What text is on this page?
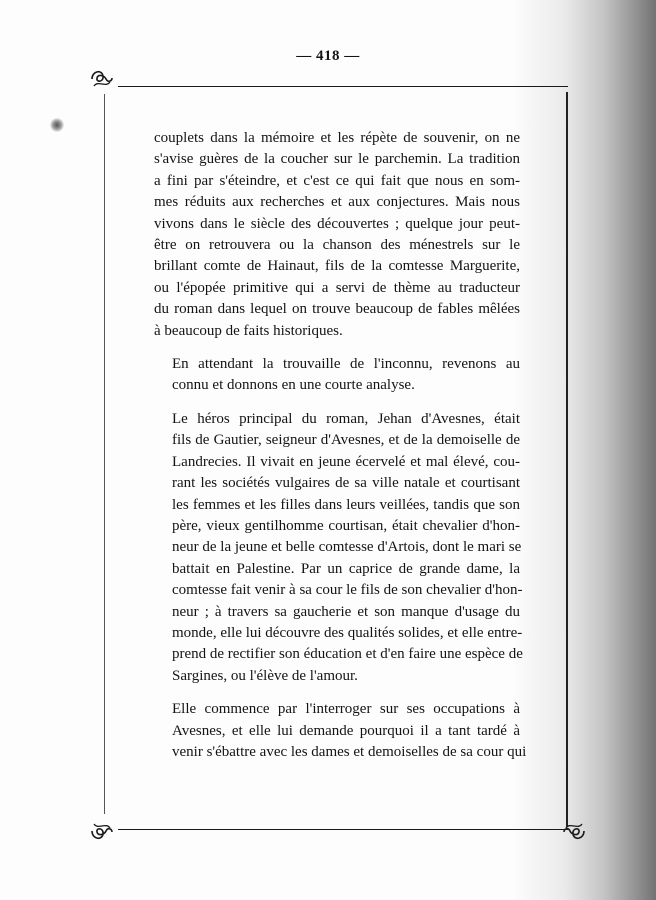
— 418 —

couplets dans la mémoire et les répète de souvenir, on ne
s'avise guères de la coucher sur le parchemin. La tradition
a fini par s'éteindre, et c'est ce qui fait que nous en som-
mes réduits aux recherches et aux conjectures. Mais nous
vivons dans le siècle des découvertes ; quelque jour peut-
être on retrouvera ou la chanson des ménestrels sur le
brillant comte de Hainaut, fils de la comtesse Marguerite,
ou l'épopée primitive qui a servi de thème au traducteur
du roman dans lequel on trouve beaucoup de fables mêlées
à beaucoup de faits historiques.

En attendant la trouvaille de l'inconnu, revenons au
connu et donnons en une courte analyse.

Le héros principal du roman, Jehan d'Avesnes, était
fils de Gautier, seigneur d'Avesnes, et de la demoiselle de
Landrecies. Il vivait en jeune écervelé et mal élevé, cou-
rant les sociétés vulgaires de sa ville natale et courtisant
les femmes et les filles dans leurs veillées, tandis que son
père, vieux gentilhomme courtisan, était chevalier d'hon-
neur de la jeune et belle comtesse d'Artois, dont le mari se
battait en Palestine. Par un caprice de grande dame, la
comtesse fait venir à sa cour le fils de son chevalier d'hon-
neur ; à travers sa gaucherie et son manque d'usage du
monde, elle lui découvre des qualités solides, et elle entre-
prend de rectifier son éducation et d'en faire une espèce de
Sargines, ou l'élève de l'amour.

Elle commence par l'interroger sur ses occupations à
Avesnes, et elle lui demande pourquoi il a tant tardé à
venir s'ébattre avec les dames et demoiselles de sa cour qui
